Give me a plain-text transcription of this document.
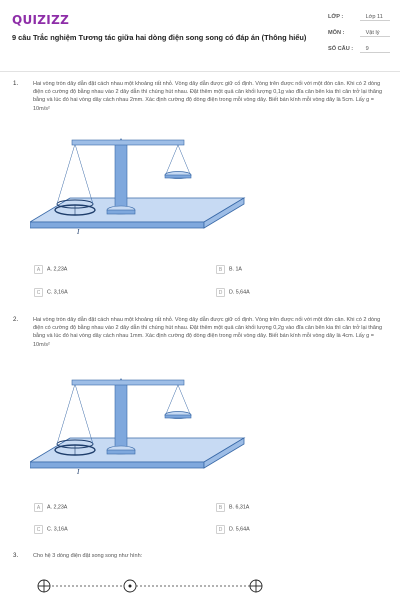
QUIZIZZ
9 câu Trắc nghiệm Tương tác giữa hai dòng điện song song có đáp án (Thông hiểu)
LỚP :	Lớp 11
MÔN :	Vật lý
SỐ CÂU : 9
1.	Hai vòng tròn dây dẫn đặt cách nhau một khoảng rất nhỏ. Vòng dây dẫn được giữ cố định. Vòng trên được nối với một đòn cân. Khi có 2 dòng điện có cường độ bằng nhau vào 2 dây dẫn thì chúng hút nhau. Đặt thêm một quả cân khối lượng 0,1g vào đĩa cân bên kia thì cân trở lại thăng bằng và lúc đó hai vòng dây cách nhau 2mm. Xác định cường độ dòng điện trong mỗi vòng dây. Biết bán kính mỗi vòng dây là 5cm. Lấy g = 10m/s²
I
A A. 2,23A	B B. 1A
C C. 3,16A	D D. 5,64A
2.	Hai vòng tròn dây dẫn đặt cách nhau một khoảng rất nhỏ. Vòng dây dẫn được giữ cố định. Vòng trên được nối với một đòn cân. Khi có 2 dòng điện có cường độ bằng nhau vào 2 dây dẫn thì chúng hút nhau. Đặt thêm một quả cân khối lượng 0,2g vào đĩa cân bên kia thì cân trở lại thăng bằng và lúc đó hai vòng dây cách nhau 1mm. Xác định cường độ dòng điện trong mỗi vòng dây. Biết bán kính mỗi vòng dây là 4cm. Lấy g = 10m/s²
I
A A. 2,23A	B B. 6,31A
C C. 3,16A	D D. 5,64A
3.	Cho hệ 3 dòng điện đặt song song như hình:
